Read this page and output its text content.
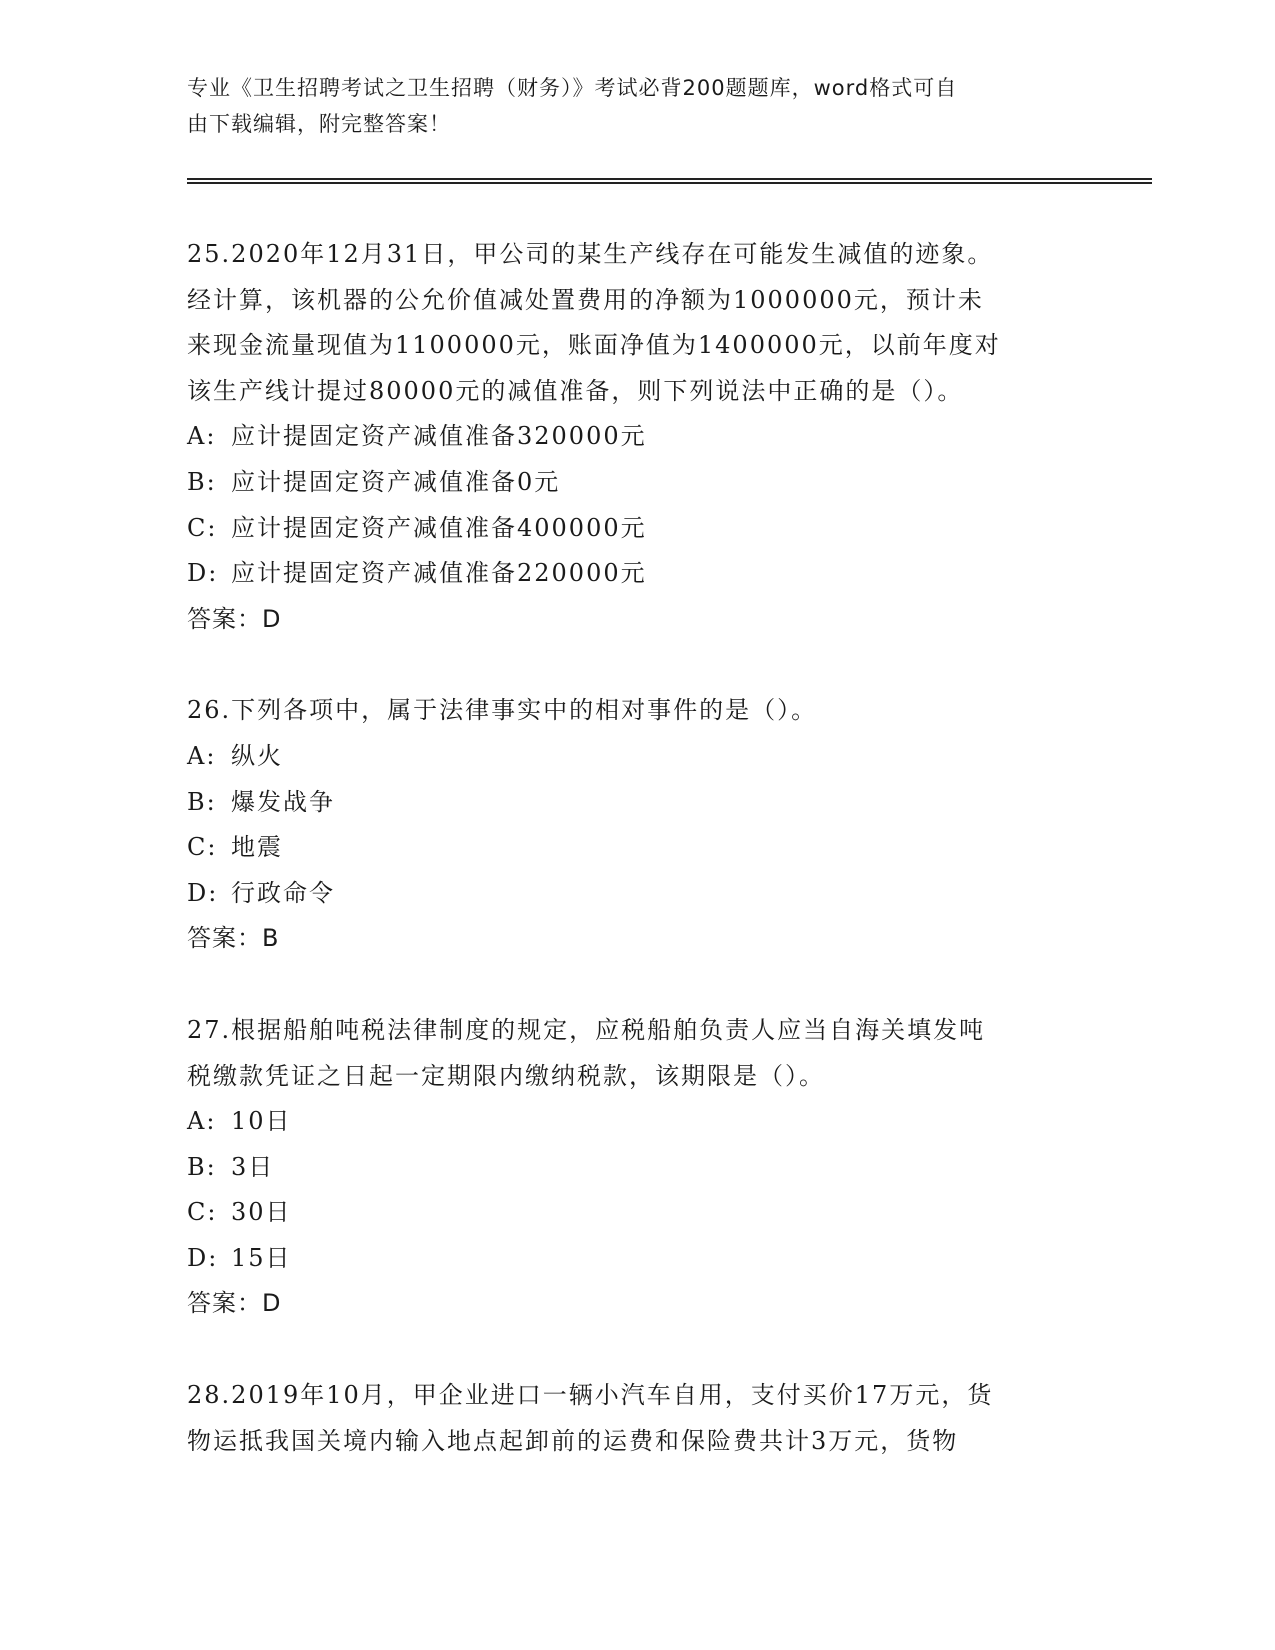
专业《卫生招聘考试之卫生招聘（财务）》考试必背200题题库，word格式可自
由下载编辑，附完整答案！

25.2020年12月31日，甲公司的某生产线存在可能发生减值的迹象。

经计算，该机器的公允价值减处置费用的净额为1000000元，预计未

来现金流量现值为1100000元，账面净值为1400000元，以前年度对

该生产线计提过80000元的减值准备，则下列说法中正确的是（）。

A: 应计提固定资产减值准备320000元

B: 应计提固定资产减值准备0元

C: 应计提固定资产减值准备400000元

D: 应计提固定资产减值准备220000元

答案：D

26.下列各项中，属于法律事实中的相对事件的是（）。

A: 纵火

B: 爆发战争

C: 地震

D: 行政命令

答案：B

27.根据船舶吨税法律制度的规定，应税船舶负责人应当自海关填发吨

税缴款凭证之日起一定期限内缴纳税款，该期限是（）。

A: 10日

B: 3日

C: 30日

D: 15日

答案：D

28.2019年10月，甲企业进口一辆小汽车自用，支付买价17万元，货

物运抵我国关境内输入地点起卸前的运费和保险费共计3万元，货物
